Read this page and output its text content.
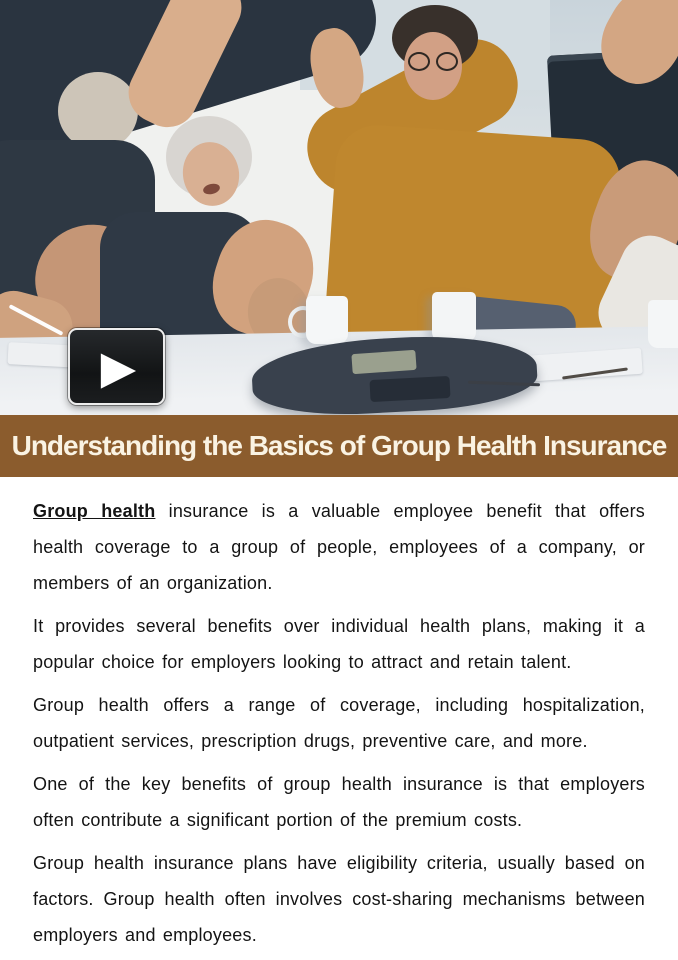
▶
Understanding the Basics of Group Health Insurance

Group health insurance is a valuable employee benefit that offers health coverage to a group of people, employees of a company, or members of an organization.

It provides several benefits over individual health plans, making it a popular choice for employers looking to attract and retain talent.

Group health offers a range of coverage, including hospitalization, outpatient services, prescription drugs, preventive care, and more.

One of the key benefits of group health insurance is that employers often contribute a significant portion of the premium costs.

Group health insurance plans have eligibility criteria, usually based on factors. Group health often involves cost-sharing mechanisms between employers and employees.
